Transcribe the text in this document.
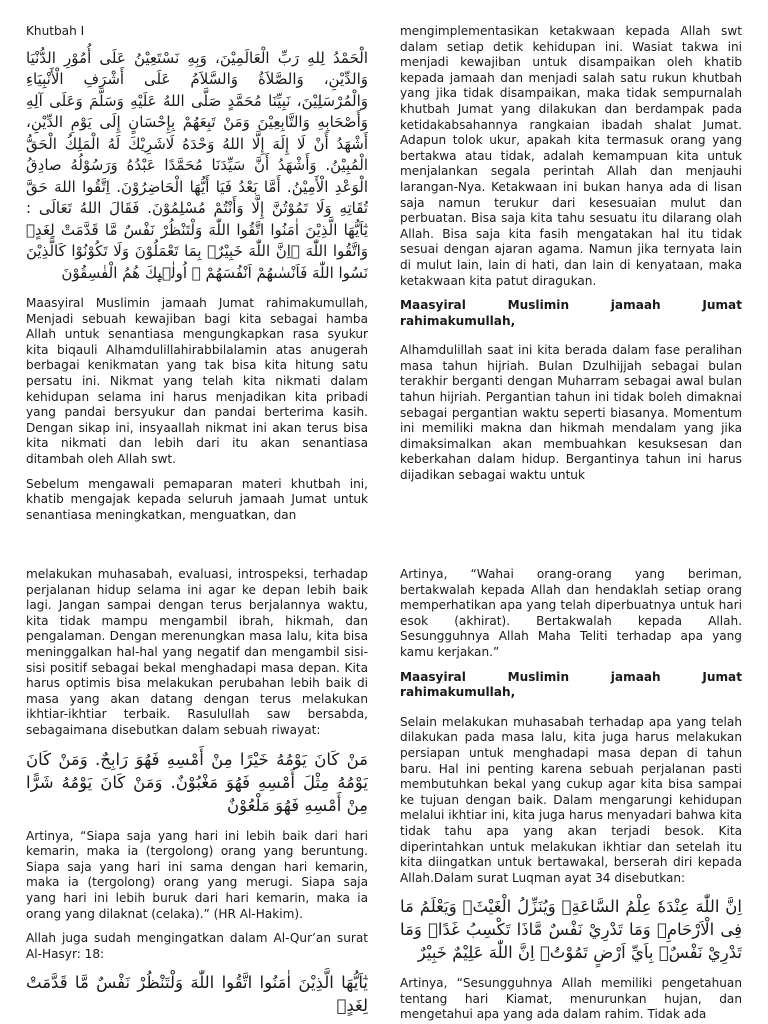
Khutbah I

الْحَمْدُ لِلهِ رَبِّ الْعَالَمِيْنَ، وَبِهِ نَسْتَعِيْنُ عَلَى أُمُوْرِ الدُّنْيَا وَالدِّيْنِ، وَالصَّلاَةُ وَالسَّلاَمُ عَلَى أَشْرَفِ الْأَنْبِيَاءِ وَالْمُرْسَلِيْنَ، نَبِيِّنَا مُحَمَّدٍ صَلَّى اللهُ عَلَيْهِ وَسَلَّمَ وَعَلَى آلِهِ وَأَصْحَابِهِ وَالتَّابِعِيْنَ وَمَنْ تَبِعَهُمْ بِإِحْسَانٍ إِلَى يَوْمِ الدِّيْنِ، أَشْهَدُ أَنْ لَا إِلَهَ إِلَّا اللهُ وَحْدَهُ لَاشَرِيْكَ لَهُ الْمَلِكُ الْحَقُّ الْمُبِيْنُ. وَأَشْهَدُ أَنَّ سَيِّدَنَا مُحَمَّدًا عَبْدُهُ وَرَسُوْلُهُ صادِقُ الْوَعْدِ الْأَمِيْنُ. أَمَّا بَعْدُ فَيَا أَيُّهَا الْحَاضِرُوْنَ. اِتَّقُوا اللهَ حَقَّ تُقَاتِهِ وَلَا تَمُوْتُنَّ إِلَّا وَأَنْتُمْ مُسْلِمُوْنَ. فَقَالَ اللهُ تَعَالَى : يٰٓاَيُّهَا الَّذِيْنَ اٰمَنُوا اتَّقُوا اللّٰهَ وَلْتَنْظُرْ نَفْسٌ مَّا قَدَّمَتْ لِغَدٍۚ وَاتَّقُوا اللّٰهَ ۗاِنَّ اللّٰهَ خَبِيْرٌۢ بِمَا تَعْمَلُوْنَ وَلَا تَكُوْنُوْا كَالَّذِيْنَ نَسُوا اللّٰهَ فَاَنْسٰىهُمْ اَنْفُسَهُمْ ۗ اُولٰۤىِٕكَ هُمُ الْفٰسِقُوْنَ

Maasyiral Muslimin jamaah Jumat rahimakumullah, Menjadi sebuah kewajiban bagi kita sebagai hamba Allah untuk senantiasa mengungkapkan rasa syukur kita biqauli Alhamdulillahirabbilalamin atas anugerah berbagai kenikmatan yang tak bisa kita hitung satu persatu ini. Nikmat yang telah kita nikmati dalam kehidupan selama ini harus menjadikan kita pribadi yang pandai bersyukur dan pandai berterima kasih. Dengan sikap ini, insyaallah nikmat ini akan terus bisa kita nikmati dan lebih dari itu akan senantiasa ditambah oleh Allah swt.

Sebelum mengawali pemaparan materi khutbah ini, khatib mengajak kepada seluruh jamaah Jumat untuk senantiasa meningkatkan, menguatkan, dan

mengimplementasikan ketakwaan kepada Allah swt dalam setiap detik kehidupan ini. Wasiat takwa ini menjadi kewajiban untuk disampaikan oleh khatib kepada jamaah dan menjadi salah satu rukun khutbah yang jika tidak disampaikan, maka tidak sempurnalah khutbah Jumat yang dilakukan dan berdampak pada ketidakabsahannya rangkaian ibadah shalat Jumat. Adapun tolok ukur, apakah kita termasuk orang yang bertakwa atau tidak, adalah kemampuan kita untuk menjalankan segala perintah Allah dan menjauhi larangan-Nya. Ketakwaan ini bukan hanya ada di lisan saja namun terukur dari kesesuaian mulut dan perbuatan. Bisa saja kita tahu sesuatu itu dilarang olah Allah. Bisa saja kita fasih mengatakan hal itu tidak sesuai dengan ajaran agama. Namun jika ternyata lain di mulut lain, lain di hati, dan lain di kenyataan, maka ketakwaan kita patut diragukan.

Maasyiral Muslimin jamaah Jumat rahimakumullah,

Alhamdulillah saat ini kita berada dalam fase peralihan masa tahun hijriah. Bulan Dzulhijjah sebagai bulan terakhir berganti dengan Muharram sebagai awal bulan tahun hijriah. Pergantian tahun ini tidak boleh dimaknai sebagai pergantian waktu seperti biasanya. Momentum ini memiliki makna dan hikmah mendalam yang jika dimaksimalkan akan membuahkan kesuksesan dan keberkahan dalam hidup. Bergantinya tahun ini harus dijadikan sebagai waktu untuk

melakukan muhasabah, evaluasi, introspeksi, terhadap perjalanan hidup selama ini agar ke depan lebih baik lagi. Jangan sampai dengan terus berjalannya waktu, kita tidak mampu mengambil ibrah, hikmah, dan pengalaman. Dengan merenungkan masa lalu, kita bisa meninggalkan hal-hal yang negatif dan mengambil sisi-sisi positif sebagai bekal menghadapi masa depan. Kita harus optimis bisa melakukan perubahan lebih baik di masa yang akan datang dengan terus melakukan ikhtiar-ikhtiar terbaik. Rasulullah saw bersabda, sebagaimana disebutkan dalam sebuah riwayat:

مَنْ كَانَ يَوْمُهُ خَيْرًا مِنْ أَمْسِهِ فَهُوَ رَابِحٌ. وَمَنْ كَانَ يَوْمُهُ مِثْلَ أَمْسِهِ فَهُوَ مَغْبُوْنٌ. وَمَنْ كَانَ يَوْمُهُ شَرًّا مِنْ أَمْسِهِ فَهُوَ مَلْعُوْنٌ

Artinya, “Siapa saja yang hari ini lebih baik dari hari kemarin, maka ia (tergolong) orang yang beruntung. Siapa saja yang hari ini sama dengan hari kemarin, maka ia (tergolong) orang yang merugi. Siapa saja yang hari ini lebih buruk dari hari kemarin, maka ia orang yang dilaknat (celaka).” (HR Al-Hakim).

Allah juga sudah mengingatkan dalam Al-Qur’an surat Al-Hasyr: 18:

يٰٓاَيُّهَا الَّذِيْنَ اٰمَنُوا اتَّقُوا اللّٰهَ وَلْتَنْظُرْ نَفْسٌ مَّا قَدَّمَتْ لِغَدٍۚ

Artinya, “Wahai orang-orang yang beriman, bertakwalah kepada Allah dan hendaklah setiap orang memperhatikan apa yang telah diperbuatnya untuk hari esok (akhirat). Bertakwalah kepada Allah. Sesungguhnya Allah Maha Teliti terhadap apa yang kamu kerjakan.”

Maasyiral Muslimin jamaah Jumat rahimakumullah,

Selain melakukan muhasabah terhadap apa yang telah dilakukan pada masa lalu, kita juga harus melakukan persiapan untuk menghadapi masa depan di tahun baru. Hal ini penting karena sebuah perjalanan pasti membutuhkan bekal yang cukup agar kita bisa sampai ke tujuan dengan baik. Dalam mengarungi kehidupan melalui ikhtiar ini, kita juga harus menyadari bahwa kita tidak tahu apa yang akan terjadi besok. Kita diperintahkan untuk melakukan ikhtiar dan setelah itu kita diingatkan untuk bertawakal, berserah diri kepada Allah.Dalam surat Luqman ayat 34 disebutkan:

اِنَّ اللّٰهَ عِنْدَهٗ عِلْمُ السَّاعَةِۚ وَيُنَزِّلُ الْغَيْثَۚ وَيَعْلَمُ مَا فِى الْاَرْحَامِۗ وَمَا تَدْرِيْ نَفْسٌ مَّاذَا تَكْسِبُ غَدًاۗ وَمَا تَدْرِيْ نَفْسٌۢ بِاَيِّ اَرْضٍ تَمُوْتُۗ اِنَّ اللّٰهَ عَلِيْمٌ خَبِيْرٌ

Artinya, “Sesungguhnya Allah memiliki pengetahuan tentang hari Kiamat, menurunkan hujan, dan mengetahui apa yang ada dalam rahim. Tidak ada
